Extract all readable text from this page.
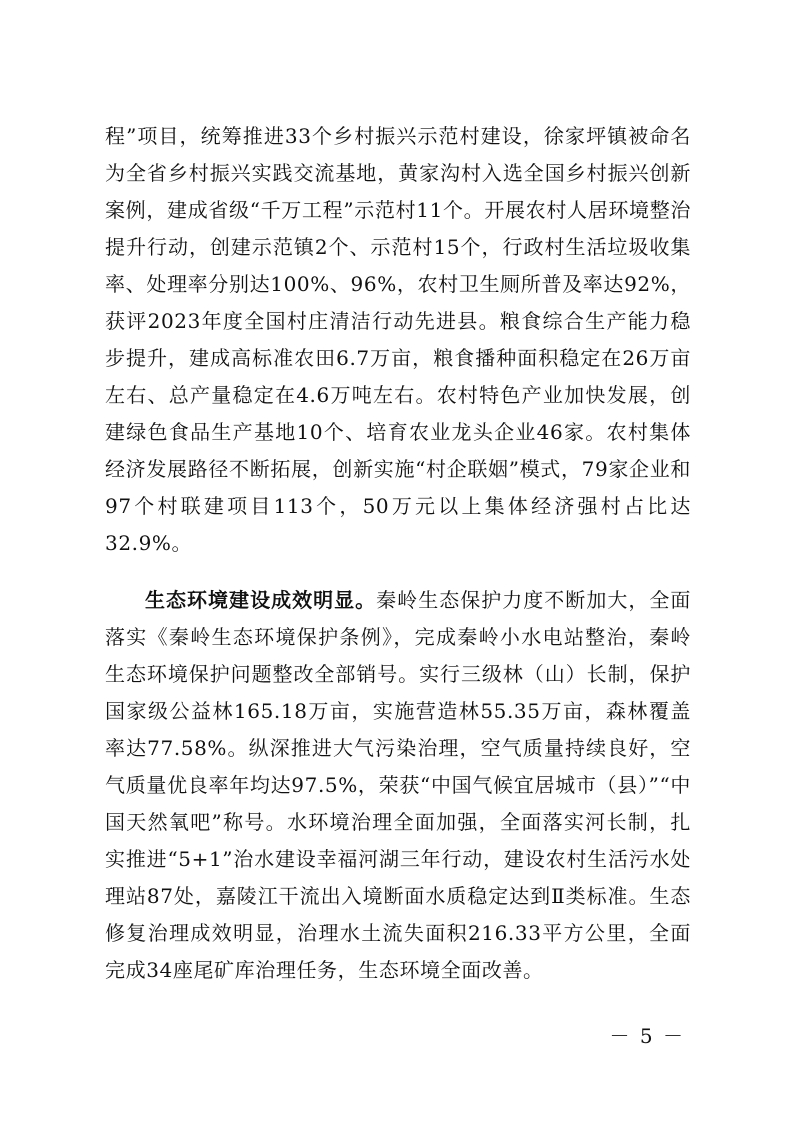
程”项目，统筹推进33个乡村振兴示范村建设，徐家坪镇被命名为全省乡村振兴实践交流基地，黄家沟村入选全国乡村振兴创新案例，建成省级“千万工程”示范村11个。开展农村人居环境整治提升行动，创建示范镇2个、示范村15个，行政村生活垃圾收集率、处理率分别达100%、96%，农村卫生厕所普及率达92%，获评2023年度全国村庄清洁行动先进县。粮食综合生产能力稳步提升，建成高标准农田6.7万亩，粮食播种面积稳定在26万亩左右、总产量稳定在4.6万吨左右。农村特色产业加快发展，创建绿色食品生产基地10个、培育农业龙头企业46家。农村集体经济发展路径不断拓展，创新实施“村企联姻”模式，79家企业和97个村联建项目113个，50万元以上集体经济强村占比达32.9%。

生态环境建设成效明显。秦岭生态保护力度不断加大，全面落实《秦岭生态环境保护条例》，完成秦岭小水电站整治，秦岭生态环境保护问题整改全部销号。实行三级林（山）长制，保护国家级公益林165.18万亩，实施营造林55.35万亩，森林覆盖率达77.58%。纵深推进大气污染治理，空气质量持续良好，空气质量优良率年均达97.5%，荣获“中国气候宜居城市（县）”“中国天然氧吧”称号。水环境治理全面加强，全面落实河长制，扎实推进“5+1”治水建设幸福河湖三年行动，建设农村生活污水处理站87处，嘉陵江干流出入境断面水质稳定达到Ⅱ类标准。生态修复治理成效明显，治理水土流失面积216.33平方公里，全面完成34座尾矿库治理任务，生态环境全面改善。

－ 5 －
